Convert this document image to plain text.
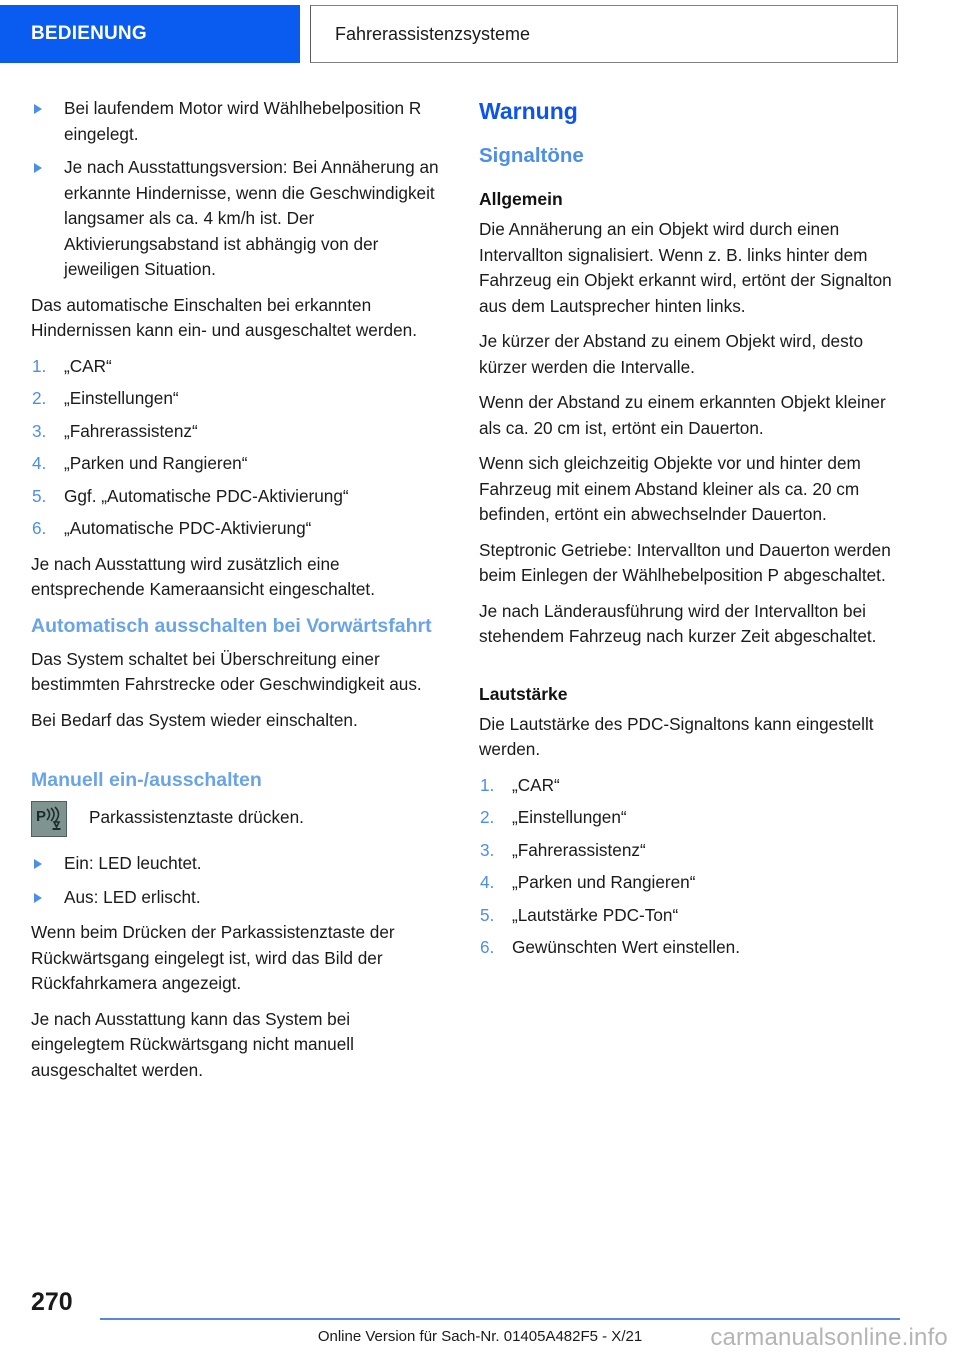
BEDIENUNG	Fahrerassistenzsysteme
Bei laufendem Motor wird Wählhebelposition R eingelegt.
Je nach Ausstattungsversion: Bei Annäherung an erkannte Hindernisse, wenn die Geschwindigkeit langsamer als ca. 4 km/h ist. Der Aktivierungsabstand ist abhängig von der jeweiligen Situation.

Das automatische Einschalten bei erkannten Hindernissen kann ein- und ausgeschaltet werden.

1. „CAR“
2. „Einstellungen“
3. „Fahrerassistenz“
4. „Parken und Rangieren“
5. Ggf. „Automatische PDC-Aktivierung“
6. „Automatische PDC-Aktivierung“

Je nach Ausstattung wird zusätzlich eine entsprechende Kameraansicht eingeschaltet.

Automatisch ausschalten bei Vorwärtsfahrt

Das System schaltet bei Überschreitung einer bestimmten Fahrstrecke oder Geschwindigkeit aus.

Bei Bedarf das System wieder einschalten.

Manuell ein-/ausschalten
P	Parkassistenztaste drücken.
Ein: LED leuchtet.
Aus: LED erlischt.

Wenn beim Drücken der Parkassistenztaste der Rückwärtsgang eingelegt ist, wird das Bild der Rückfahrkamera angezeigt.

Je nach Ausstattung kann das System bei eingelegtem Rückwärtsgang nicht manuell ausgeschaltet werden.

Warnung
Signaltöne
Allgemein

Die Annäherung an ein Objekt wird durch einen Intervallton signalisiert. Wenn z. B. links hinter dem Fahrzeug ein Objekt erkannt wird, ertönt der Signalton aus dem Lautsprecher hinten links.

Je kürzer der Abstand zu einem Objekt wird, desto kürzer werden die Intervalle.

Wenn der Abstand zu einem erkannten Objekt kleiner als ca. 20 cm ist, ertönt ein Dauerton.

Wenn sich gleichzeitig Objekte vor und hinter dem Fahrzeug mit einem Abstand kleiner als ca. 20 cm befinden, ertönt ein abwechselnder Dauerton.

Steptronic Getriebe: Intervallton und Dauerton werden beim Einlegen der Wählhebelposition P abgeschaltet.

Je nach Länderausführung wird der Intervallton bei stehendem Fahrzeug nach kurzer Zeit abgeschaltet.

Lautstärke

Die Lautstärke des PDC-Signaltons kann eingestellt werden.

1. „CAR“
2. „Einstellungen“
3. „Fahrerassistenz“
4. „Parken und Rangieren“
5. „Lautstärke PDC-Ton“
6. Gewünschten Wert einstellen.
270
Online Version für Sach-Nr. 01405A482F5 - X/21	carmanualsonline.info
